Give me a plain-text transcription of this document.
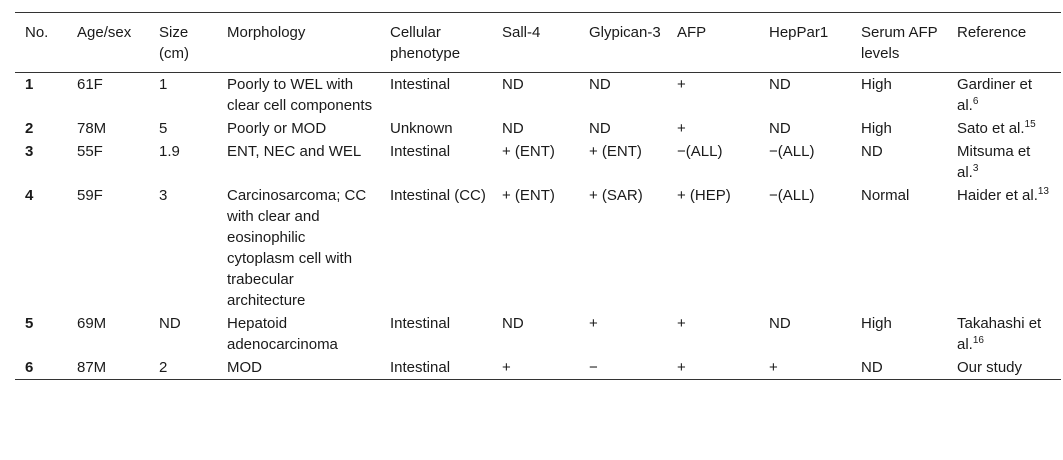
No.	Age/sex	Size (cm)	Morphology	Cellular phenotype	Sall-4	Glypican-3	AFP	HepPar1	Serum AFP levels	Reference
1	61F	1	Poorly to WEL with clear cell components	Intestinal	ND	ND	+	ND	High	Gardiner et al.$^6$
2	78M	5	Poorly or MOD	Unknown	ND	ND	+	ND	High	Sato et al.$^{15}$
3	55F	1.9	ENT, NEC and WEL	Intestinal	+ (ENT)	+ (ENT)	−(ALL)	−(ALL)	ND	Mitsuma et al.$^3$
4	59F	3	Carcinosarcoma; CC with clear and eosinophilic cytoplasm cell with trabecular architecture	Intestinal (CC)	+ (ENT)	+ (SAR)	+ (HEP)	−(ALL)	Normal	Haider et al.$^{13}$
5	69M	ND	Hepatoid adenocarcinoma	Intestinal	ND	+	+	ND	High	Takahashi et al.$^{16}$
6	87M	2	MOD	Intestinal	+	−	+	+	ND	Our study
